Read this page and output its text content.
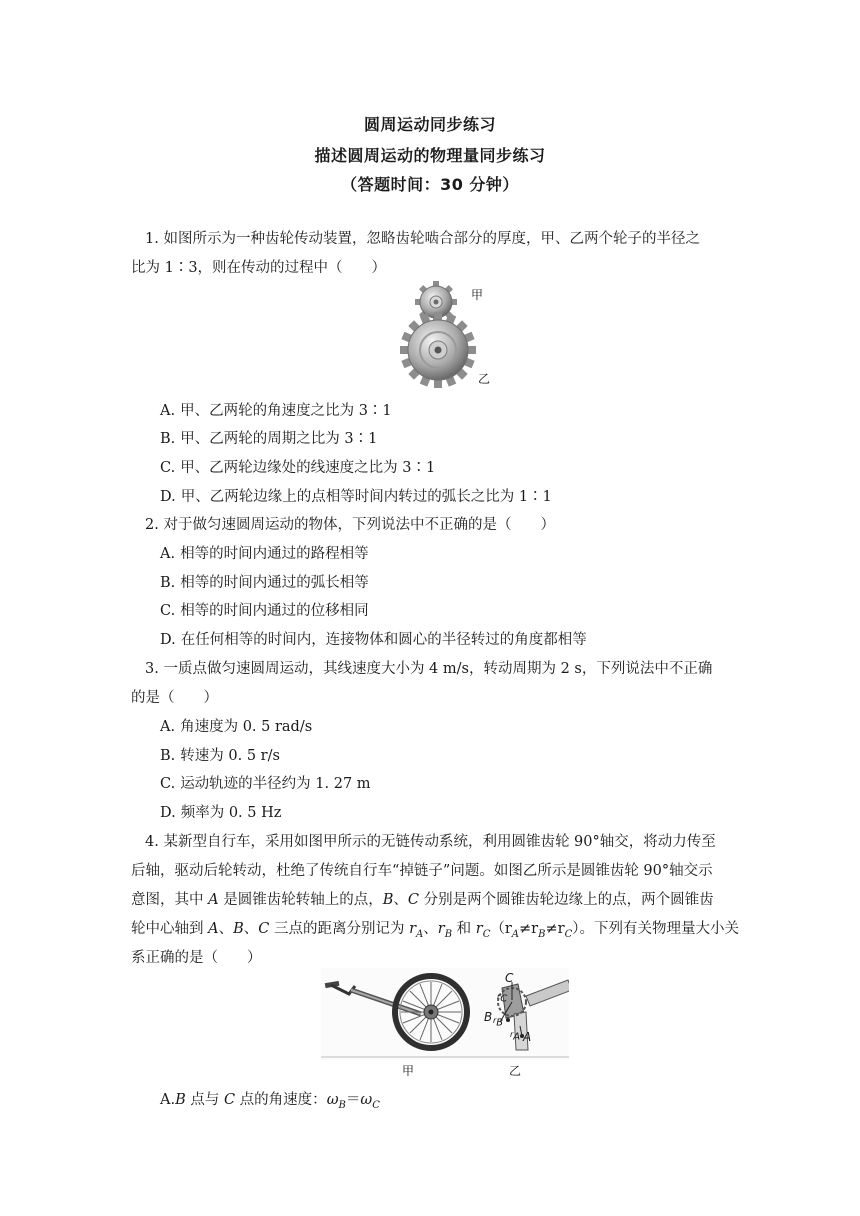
圆周运动同步练习
描述圆周运动的物理量同步练习
（答题时间：30 分钟）
1. 如图所示为一种齿轮传动装置，忽略齿轮啮合部分的厚度，甲、乙两个轮子的半径之
比为 1∶3，则在传动的过程中（　　）
甲
乙
A. 甲、乙两轮的角速度之比为 3∶1
B. 甲、乙两轮的周期之比为 3∶1
C. 甲、乙两轮边缘处的线速度之比为 3∶1
D. 甲、乙两轮边缘上的点相等时间内转过的弧长之比为 1∶1
2. 对于做匀速圆周运动的物体，下列说法中不正确的是（　　）
A. 相等的时间内通过的路程相等
B. 相等的时间内通过的弧长相等
C. 相等的时间内通过的位移相同
D. 在任何相等的时间内，连接物体和圆心的半径转过的角度都相等
3. 一质点做匀速圆周运动，其线速度大小为 4 m/s，转动周期为 2 s，下列说法中不正确
的是（　　）
A. 角速度为 0. 5 rad/s
B. 转速为 0. 5 r/s
C. 运动轨迹的半径约为 1. 27 m
D. 频率为 0. 5 Hz
4. 某新型自行车，采用如图甲所示的无链传动系统，利用圆锥齿轮 90°轴交，将动力传至
后轴，驱动后轮转动，杜绝了传统自行车“掉链子”问题。如图乙所示是圆锥齿轮 90°轴交示
意图，其中 A 是圆锥齿轮转轴上的点，B、C 分别是两个圆锥齿轮边缘上的点，两个圆锥齿
轮中心轴到 A、B、C 三点的距离分别记为 $r_A$、$r_B$ 和 $r_C(r_A\ne r_B\ne r_C)$。下列有关物理量大小关
系正确的是（　　）
C
$r_C$
B $r_B$
$r_A$ A
甲	乙
A.B 点与 C 点的角速度：$\omega_B=\omega_C$
